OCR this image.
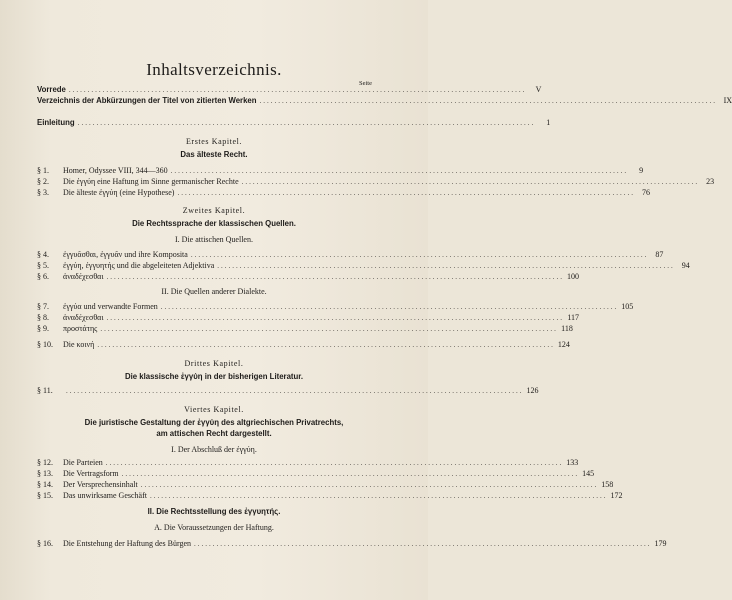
Inhaltsverzeichnis.
Seite
Vorrede ..........................................................................................................................	V
Verzeichnis der Abkürzungen der Titel von zitierten Werken .......................................................................................................................... IX
Einleitung ..........................................................................................................................	1
Erstes Kapitel.
Das älteste Recht.
§ 1. Homer, Odyssee VIII, 344—360 ..........................................................................................................................	9
§ 2. Die ἐγγύη eine Haftung im Sinne germanischer Rechte .......................................................................................................................... 23
§ 3. Die älteste ἐγγύη (eine Hypothese) .......................................................................................................................... 76
Zweites Kapitel.
Die Rechtssprache der klassischen Quellen.
I. Die attischen Quellen.
§ 4. ἐγγυᾶσθαι, ἐγγυᾶν und ihre Komposita .......................................................................................................................... 87
§ 5. ἐγγύη, ἐγγυητής und die abgeleiteten Adjektiva .......................................................................................................................... 94
§ 6. ἀναδέχεσθαι .......................................................................................................................... 100
II. Die Quellen anderer Dialekte.
§ 7. ἐγγύα und verwandte Formen .......................................................................................................................... 105
§ 8. ἀναδέχεσθαι .......................................................................................................................... 117
§ 9. προστάτης .......................................................................................................................... 118
§ 10. Die κοινή .......................................................................................................................... 124
Drittes Kapitel.
Die klassische ἐγγύη in der bisherigen Literatur.
§ 11.	.......................................................................................................................... 126
Viertes Kapitel.
Die juristische Gestaltung der ἐγγύη des altgriechischen Privatrechts,
am attischen Recht dargestellt.
I. Der Abschluß der ἐγγύη.
§ 12. Die Parteien .......................................................................................................................... 133
§ 13. Die Vertragsform .......................................................................................................................... 145
§ 14. Der Versprechensinhalt .......................................................................................................................... 158
§ 15. Das unwirksame Geschäft .......................................................................................................................... 172
II. Die Rechtsstellung des ἐγγυητής.
A. Die Voraussetzungen der Haftung.
§ 16. Die Entstehung der Haftung des Bürgen .......................................................................................................................... 179
